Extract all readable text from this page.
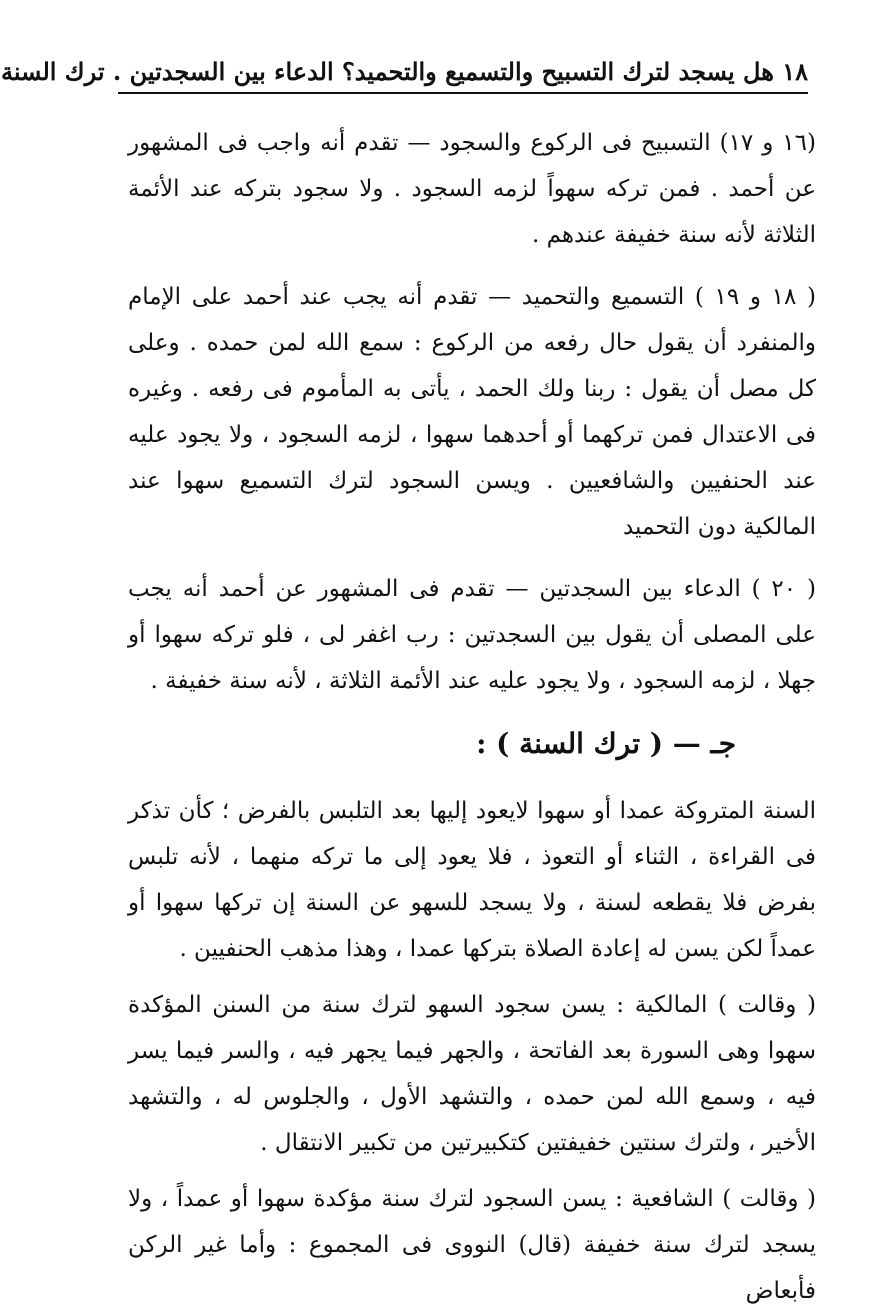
١٨ هل يسجد لترك التسبيح والتسميع والتحميد؟ الدعاء بين السجدتين . ترك السنة

(١٦ و ١٧) التسبيح فى الركوع والسجود — تقدم أنه واجب فى المشهور عن أحمد . فمن تركه سهواً لزمه السجود . ولا سجود بتركه عند الأئمة الثلاثة لأنه سنة خفيفة عندهم .

( ١٨ و ١٩ ) التسميع والتحميد — تقدم أنه يجب عند أحمد على الإمام والمنفرد أن يقول حال رفعه من الركوع : سمع الله لمن حمده . وعلى كل مصل أن يقول : ربنا ولك الحمد ، يأتى به المأموم فى رفعه . وغيره فى الاعتدال فمن تركهما أو أحدهما سهوا ، لزمه السجود ، ولا يجود عليه عند الحنفيين والشافعيين . ويسن السجود لترك التسميع سهوا عند المالكية دون التحميد

( ٢٠ ) الدعاء بين السجدتين — تقدم فى المشهور عن أحمد أنه يجب على المصلى أن يقول بين السجدتين : رب اغفر لى ، فلو تركه سهوا أو جهلا ، لزمه السجود ، ولا يجود عليه عند الأئمة الثلاثة ، لأنه سنة خفيفة .

جـ — ( ترك السنة ) :

السنة المتروكة عمدا أو سهوا لايعود إليها بعد التلبس بالفرض ؛ كأن تذكر فى القراءة ، الثناء أو التعوذ ، فلا يعود إلى ما تركه منهما ، لأنه تلبس بفرض فلا يقطعه لسنة ، ولا يسجد للسهو عن السنة إن تركها سهوا أو عمداً لكن يسن له إعادة الصلاة بتركها عمدا ، وهذا مذهب الحنفيين .

( وقالت ) المالكية : يسن سجود السهو لترك سنة من السنن المؤكدة سهوا وهى السورة بعد الفاتحة ، والجهر فيما يجهر فيه ، والسر فيما يسر فيه ، وسمع الله لمن حمده ، والتشهد الأول ، والجلوس له ، والتشهد الأخير ، ولترك سنتين خفيفتين كتكبيرتين من تكبير الانتقال .

( وقالت ) الشافعية : يسن السجود لترك سنة مؤكدة سهوا أو عمداً ، ولا يسجد لترك سنة خفيفة (قال) النووى فى المجموع : وأما غير الركن فأبعاض
